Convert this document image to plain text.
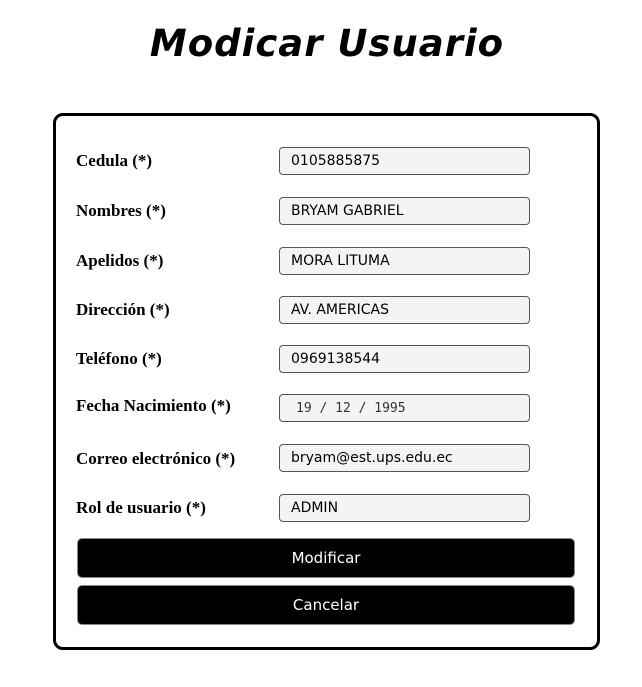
Modicar Usuario
Cedula (*)
0105885875
Nombres (*)
BRYAM GABRIEL
Apelidos (*)
MORA LITUMA
Dirección (*)
AV. AMERICAS
Teléfono (*)
0969138544
Fecha Nacimiento (*)
19 / 12 / 1995
Correo electrónico (*)
bryam@est.ups.edu.ec
Rol de usuario (*)
ADMIN
Modificar
Cancelar
